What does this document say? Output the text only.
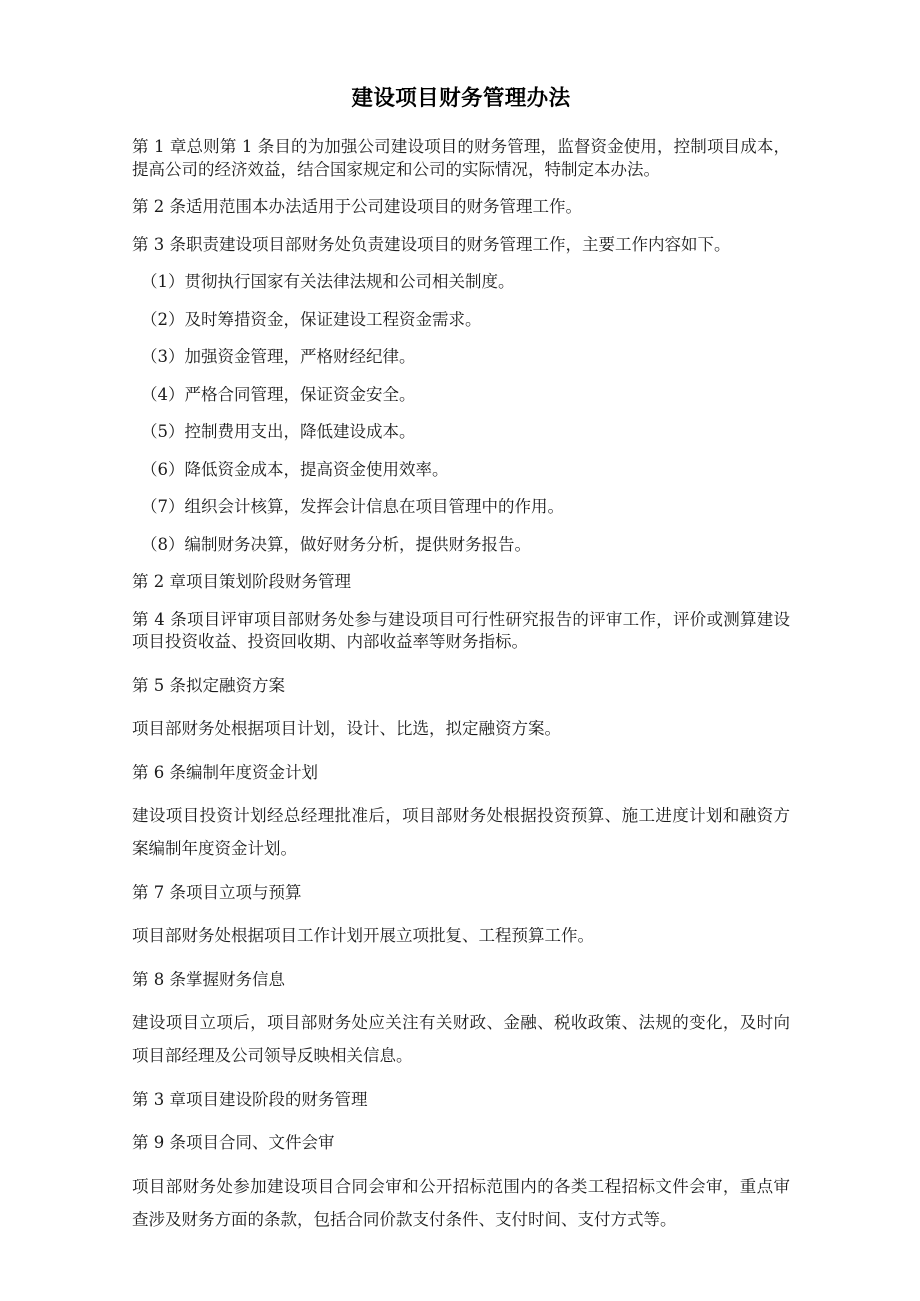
建设项目财务管理办法

第 1 章总则第 1 条目的为加强公司建设项目的财务管理，监督资金使用，控制项目成本，提高公司的经济效益，结合国家规定和公司的实际情况，特制定本办法。

第 2 条适用范围本办法适用于公司建设项目的财务管理工作。

第 3 条职责建设项目部财务处负责建设项目的财务管理工作，主要工作内容如下。

（1）贯彻执行国家有关法律法规和公司相关制度。

（2）及时筹措资金，保证建设工程资金需求。

（3）加强资金管理，严格财经纪律。

（4）严格合同管理，保证资金安全。

（5）控制费用支出，降低建设成本。

（6）降低资金成本，提高资金使用效率。

（7）组织会计核算，发挥会计信息在项目管理中的作用。

（8）编制财务决算，做好财务分析，提供财务报告。

第 2 章项目策划阶段财务管理

第 4 条项目评审项目部财务处参与建设项目可行性研究报告的评审工作，评价或测算建设项目投资收益、投资回收期、内部收益率等财务指标。

第 5 条拟定融资方案

项目部财务处根据项目计划，设计、比选，拟定融资方案。

第 6 条编制年度资金计划

建设项目投资计划经总经理批准后，项目部财务处根据投资预算、施工进度计划和融资方案编制年度资金计划。

第 7 条项目立项与预算

项目部财务处根据项目工作计划开展立项批复、工程预算工作。

第 8 条掌握财务信息

建设项目立项后，项目部财务处应关注有关财政、金融、税收政策、法规的变化，及时向项目部经理及公司领导反映相关信息。

第 3 章项目建设阶段的财务管理

第 9 条项目合同、文件会审

项目部财务处参加建设项目合同会审和公开招标范围内的各类工程招标文件会审，重点审查涉及财务方面的条款，包括合同价款支付条件、支付时间、支付方式等。
